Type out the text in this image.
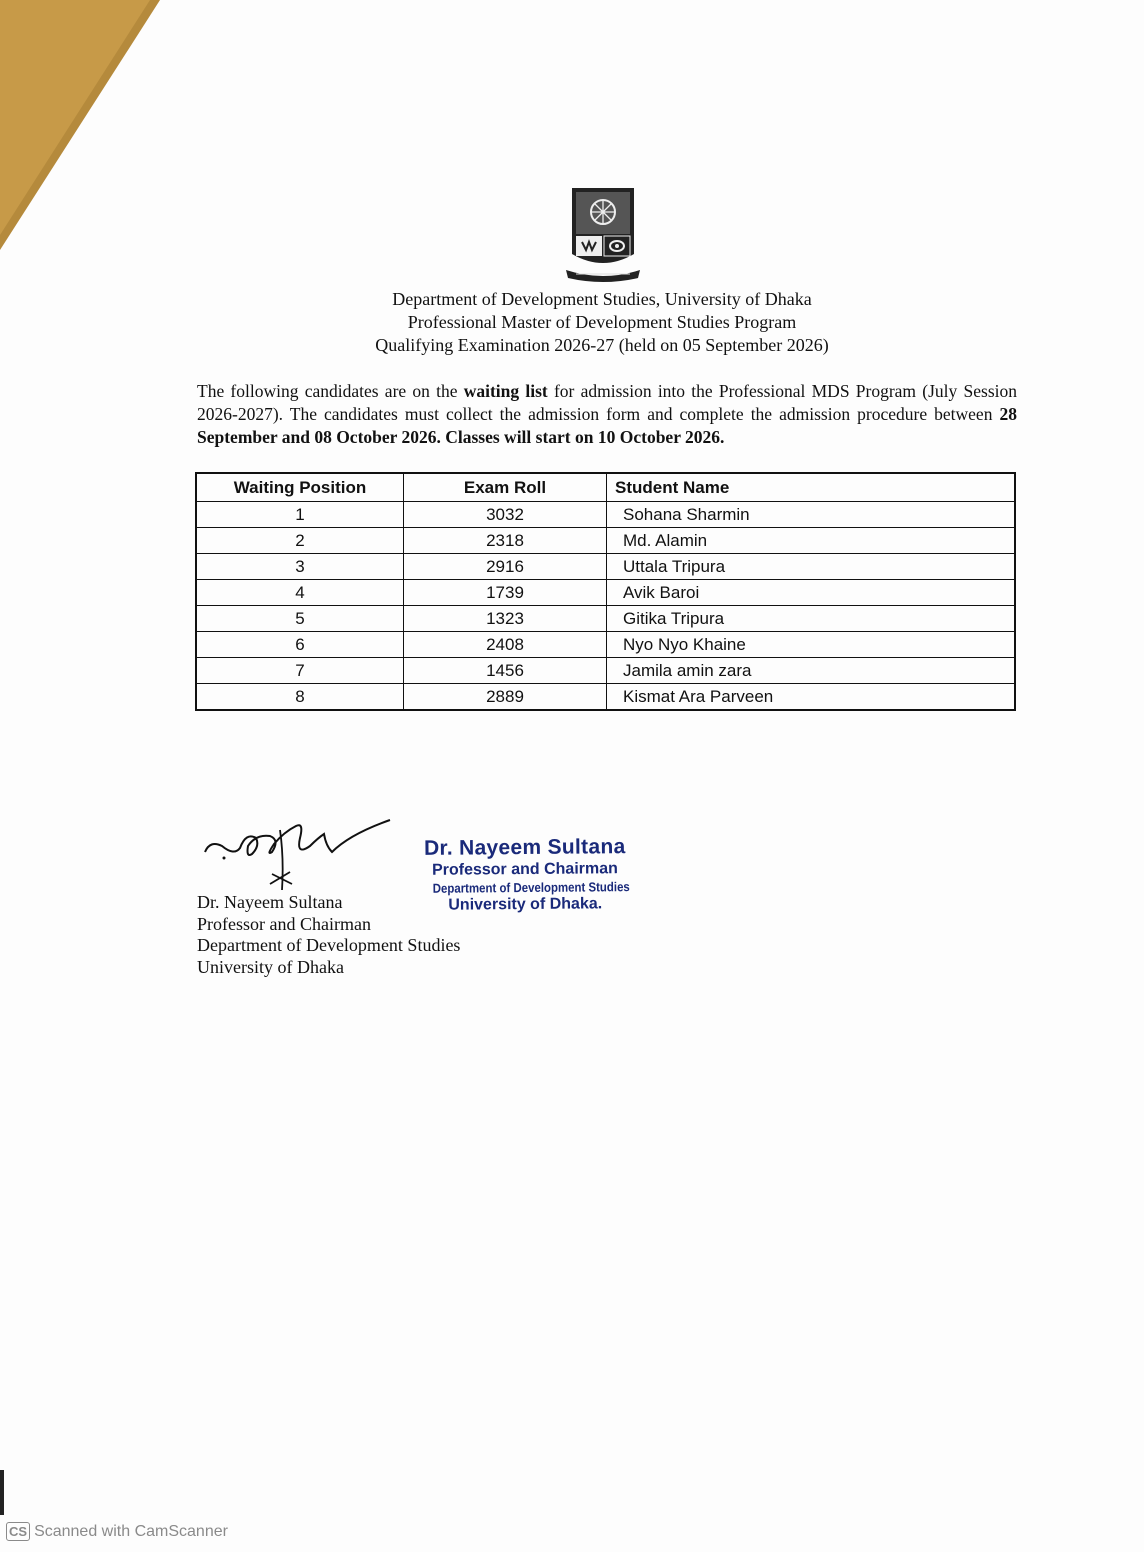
Department of Development Studies, University of Dhaka
Professional Master of Development Studies Program
Qualifying Examination 2026-27 (held on 05 September 2026)
The following candidates are on the waiting list for admission into the Professional MDS Program (July Session 2026-2027). The candidates must collect the admission form and complete the admission procedure between 28 September and 08 October 2026. Classes will start on 10 October 2026.
Waiting Position	Exam Roll	Student Name
1	3032	Sohana Sharmin
2	2318	Md. Alamin
3	2916	Uttala Tripura
4	1739	Avik Baroi
5	1323	Gitika Tripura
6	2408	Nyo Nyo Khaine
7	1456	Jamila amin zara
8	2889	Kismat Ara Parveen
Dr. Nayeem Sultana
Professor and Chairman
Department of Development Studies
University of Dhaka
Dr. Nayeem Sultana
Professor and Chairman
Department of Development Studies
University of Dhaka.
CS Scanned with CamScanner
